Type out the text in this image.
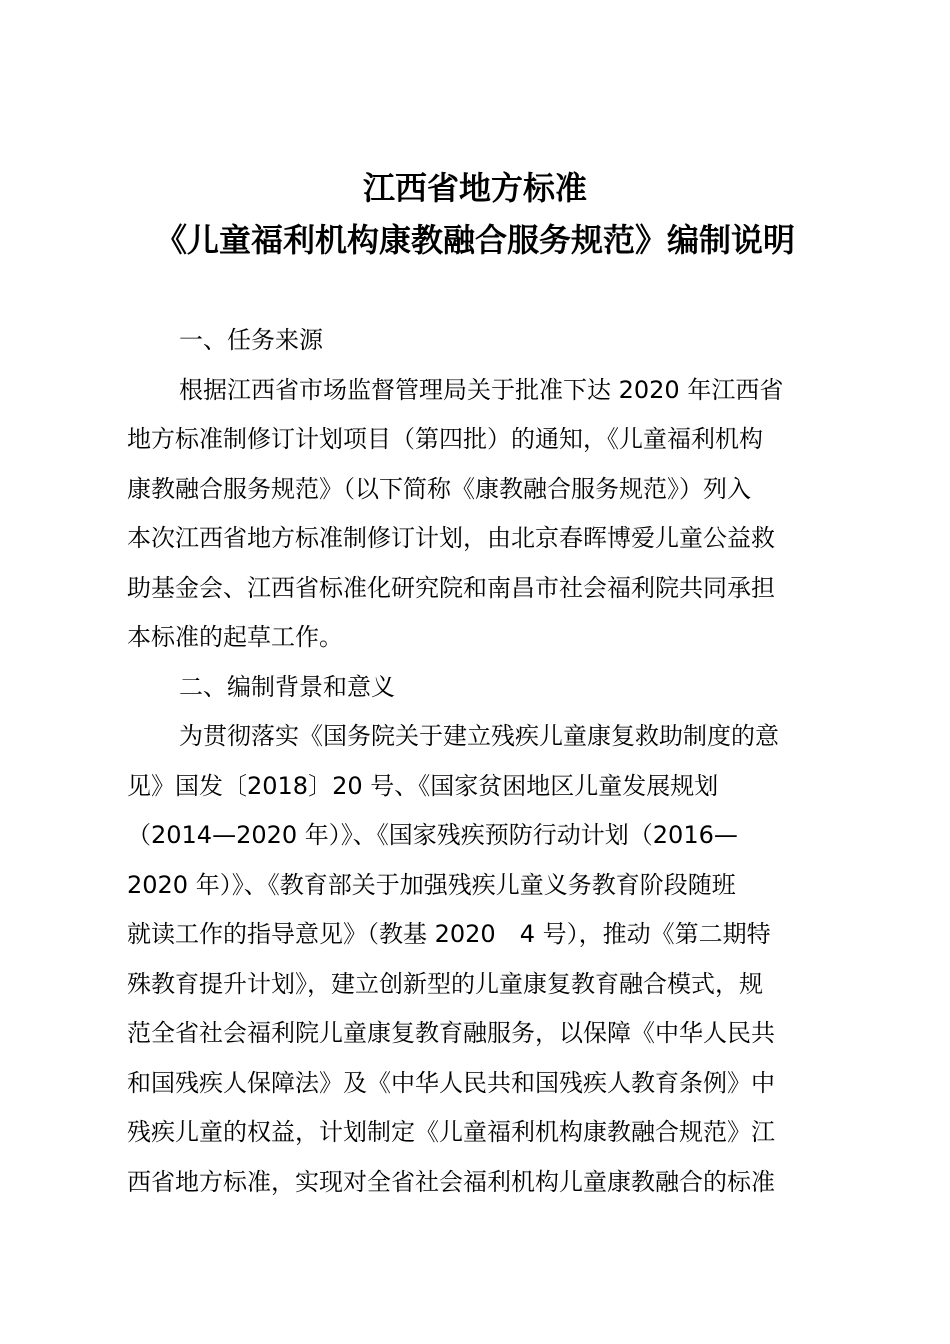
江西省地方标准
《儿童福利机构康教融合服务规范》编制说明
一、任务来源
根据江西省市场监督管理局关于批准下达 2020 年江西省
地方标准制修订计划项目（第四批）的通知，《儿童福利机构
康教融合服务规范》（以下简称《康教融合服务规范》）列入
本次江西省地方标准制修订计划，由北京春晖博爱儿童公益救
助基金会、江西省标准化研究院和南昌市社会福利院共同承担
本标准的起草工作。
二、编制背景和意义
为贯彻落实《国务院关于建立残疾儿童康复救助制度的意
见》国发〔2018〕20 号、《国家贫困地区儿童发展规划
（2014—2020 年）》、《国家残疾预防行动计划（2016—
2020 年）》、《教育部关于加强残疾儿童义务教育阶段随班
就读工作的指导意见》（教基 2020　4 号），推动《第二期特
殊教育提升计划》，建立创新型的儿童康复教育融合模式，规
范全省社会福利院儿童康复教育融服务，以保障《中华人民共
和国残疾人保障法》及《中华人民共和国残疾人教育条例》中
残疾儿童的权益，计划制定《儿童福利机构康教融合规范》江
西省地方标准，实现对全省社会福利机构儿童康教融合的标准
